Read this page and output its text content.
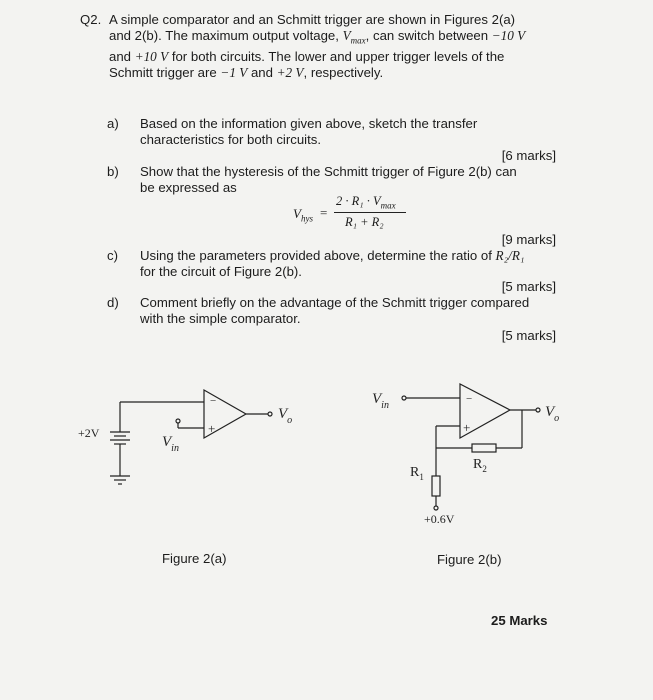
Q2. A simple comparator and an Schmitt trigger are shown in Figures 2(a)
and 2(b). The maximum output voltage, $V_{max}$, can switch between −10 V
and +10 V for both circuits. The lower and upper trigger levels of the
Schmitt trigger are −1 V and +2 V, respectively.
a) Based on the information given above, sketch the transfer
characteristics for both circuits.
[6 marks]
b) Show that the hysteresis of the Schmitt trigger of Figure 2(b) can
be expressed as
$V_{hys}$ =
$2 \cdot R_1 \cdot V_{max}$
R₁ + R₂
[9 marks]
c) Using the parameters provided above, determine the ratio of R₂/R₁
for the circuit of Figure 2(b).
[5 marks]
d) Comment briefly on the advantage of the Schmitt trigger compared
with the simple comparator.
[5 marks]
−
+
+2V
$V_{in}$
$V_o$
−
+
$V_{in}$	$V_o$
$R_1$
$R_2$
+0.6V
Figure 2(a)	Figure 2(b)
25 Marks
